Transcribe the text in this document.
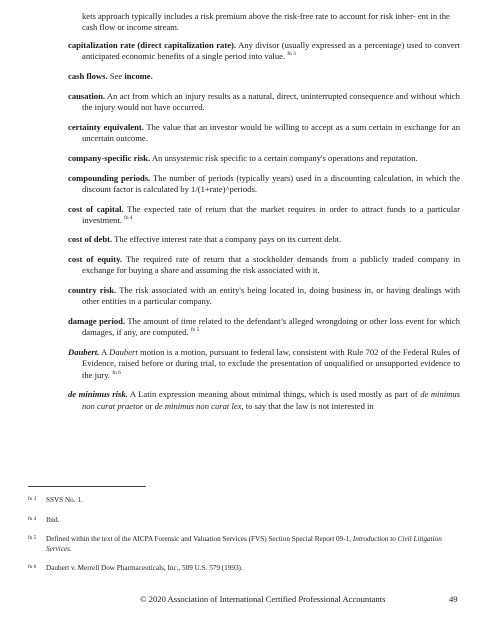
kets approach typically includes a risk premium above the risk-free rate to account for risk inher- ent in the cash flow or income stream.

capitalization rate (direct capitalization rate). Any divisor (usually expressed as a percentage) used to convert anticipated economic benefits of a single period into value. $^{fn 3}$

cash flows. See income.

causation. An act from which an injury results as a natural, direct, uninterrupted consequence and without which the injury would not have occurred.

certainty equivalent. The value that an investor would be willing to accept as a sum certain in exchange for an uncertain outcome.

company-specific risk. An unsystemic risk specific to a certain company's operations and reputation.

compounding periods. The number of periods (typically years) used in a discounting calculation, in which the discount factor is calculated by 1/(1+rate)^periods.

cost of capital. The expected rate of return that the market requires in order to attract funds to a particular investment. $^{fn 4}$

cost of debt. The effective interest rate that a company pays on its current debt.

cost of equity. The required rate of return that a stockholder demands from a publicly traded company in exchange for buying a share and assuming the risk associated with it.

country risk. The risk associated with an entity's being located in, doing business in, or having dealings with other entities in a particular company.

damage period. The amount of time related to the defendant’s alleged wrongdoing or other loss event for which damages, if any, are computed. $^{fn 5}$

Daubert. A Daubert motion is a motion, pursuant to federal law, consistent with Rule 702 of the Federal Rules of Evidence, raised before or during trial, to exclude the presentation of unqualified or unsupported evidence to the jury. $^{fn 6}$

de minimus risk. A Latin expression meaning about minimal things, which is used mostly as part of de minimus non curat praetor or de minimus non curat lex, to say that the law is not interested in

fn 3	SSVS No. 1.
fn 4	Ibid.
fn 5	Defined within the text of the AICPA Forensic and Valuation Services (FVS) Section Special Report 09-1, Introduction to Civil Litigation Services.
fn 6	Daubert v. Merrell Dow Pharmaceuticals, Inc., 509 U.S. 579 (1993).
© 2020 Association of International Certified Professional Accountants	49
